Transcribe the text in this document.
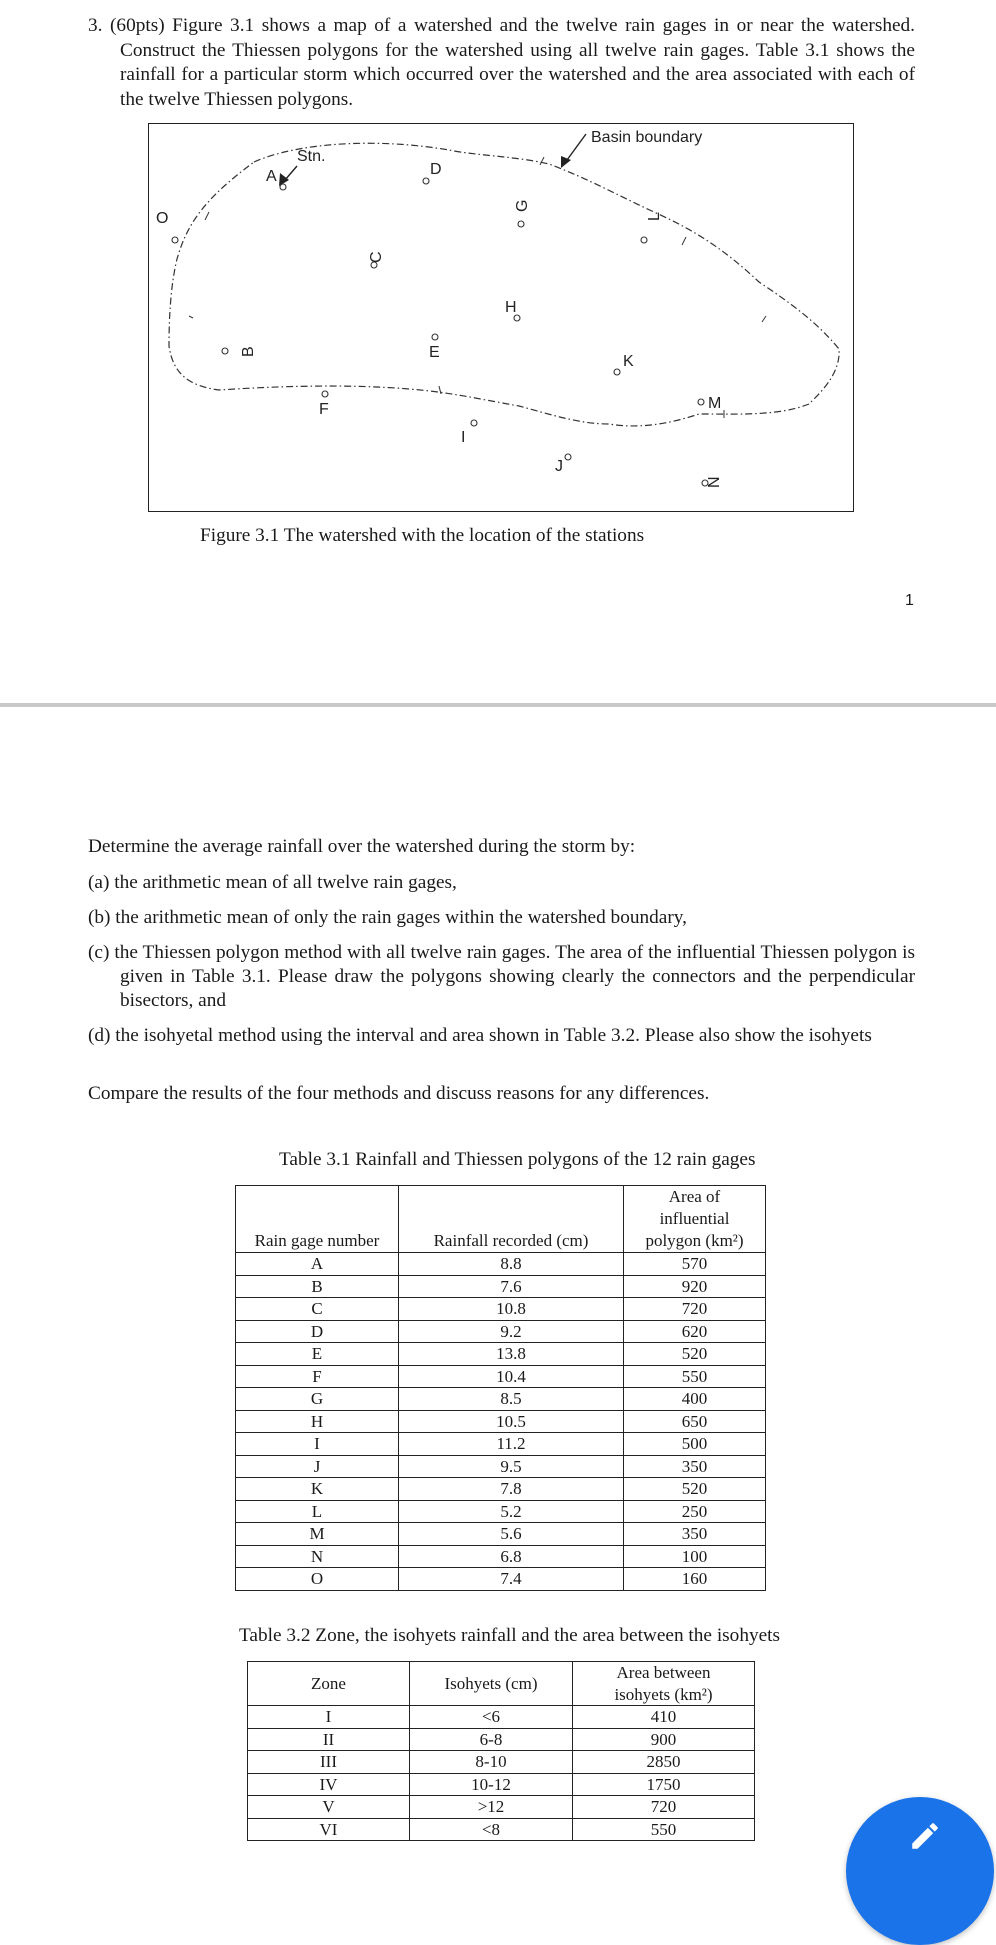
3. (60pts) Figure 3.1 shows a map of a watershed and the twelve rain gages in or near the watershed. Construct the Thiessen polygons for the watershed using all twelve rain gages. Table 3.1 shows the rainfall for a particular storm which occurred over the watershed and the area associated with each of the twelve Thiessen polygons.
Basin boundary
Stn.
A
B
C
D
E
F
G
H
I
J
K
L
M
N
O
Figure 3.1 The watershed with the location of the stations
1
Determine the average rainfall over the watershed during the storm by:
(a) the arithmetic mean of all twelve rain gages,
(b) the arithmetic mean of only the rain gages within the watershed boundary,
(c) the Thiessen polygon method with all twelve rain gages. The area of the influential Thiessen polygon is given in Table 3.1. Please draw the polygons showing clearly the connectors and the perpendicular bisectors, and
(d) the isohyetal method using the interval and area shown in Table 3.2. Please also show the isohyets
Compare the results of the four methods and discuss reasons for any differences.
Table 3.1 Rainfall and Thiessen polygons of the 12 rain gages
Rain gage number	Rainfall recorded (cm)	Area of influential polygon (km²)
A	8.8	570
B	7.6	920
C	10.8	720
D	9.2	620
E	13.8	520
F	10.4	550
G	8.5	400
H	10.5	650
I	11.2	500
J	9.5	350
K	7.8	520
L	5.2	250
M	5.6	350
N	6.8	100
O	7.4	160
Table 3.2 Zone, the isohyets rainfall and the area between the isohyets
Zone	Isohyets (cm)	Area between isohyets (km²)
I	<6	410
II	6-8	900
III	8-10	2850
IV	10-12	1750
V	>12	720
VI	<8	550
